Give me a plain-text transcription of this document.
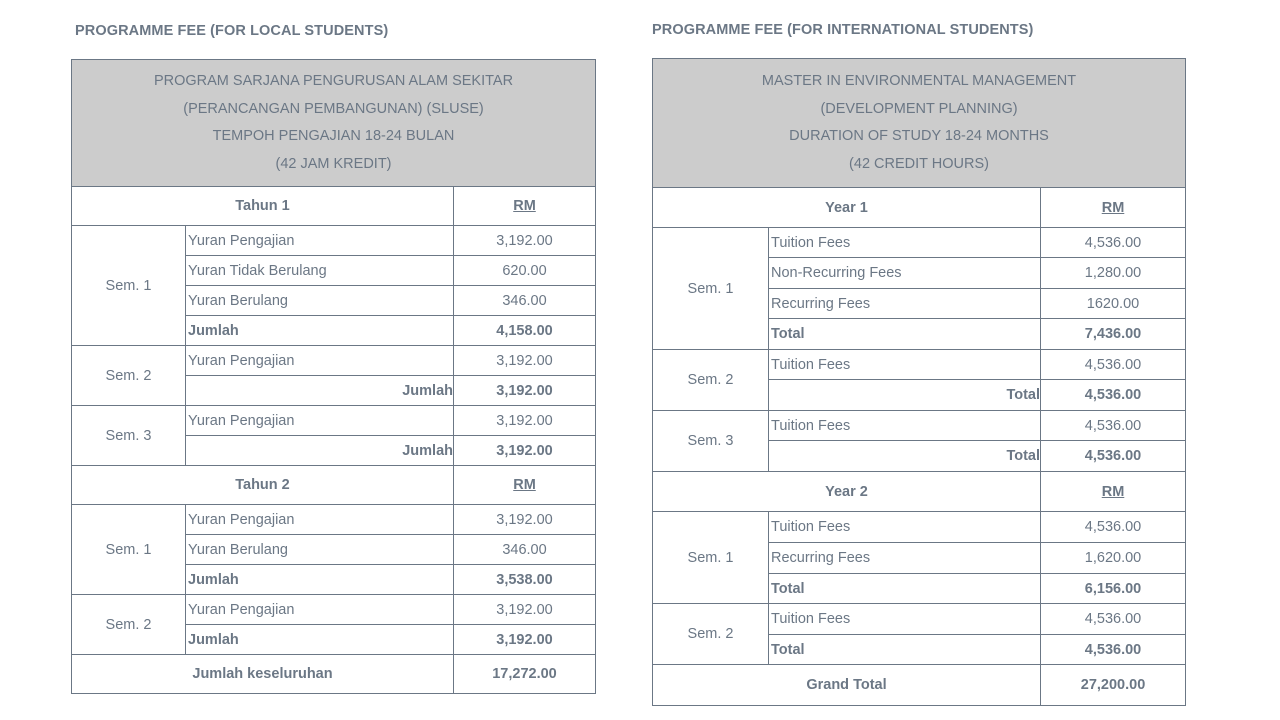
PROGRAMME FEE (FOR LOCAL STUDENTS)
PROGRAM SARJANA PENGURUSAN ALAM SEKITAR
(PERANCANGAN PEMBANGUNAN) (SLUSE)
TEMPOH PENGAJIAN 18-24 BULAN
(42 JAM KREDIT)		

Tahun 1		RM
Sem. 1	Yuran Pengajian	3,192.00
	Yuran Tidak Berulang	620.00
	Yuran Berulang	346.00
	Jumlah	4,158.00
Sem. 2	Yuran Pengajian	3,192.00
	Jumlah	3,192.00
Sem. 3	Yuran Pengajian	3,192.00
	Jumlah	3,192.00
Tahun 2		RM
Sem. 1	Yuran Pengajian	3,192.00
	Yuran Berulang	346.00
	Jumlah	3,538.00
Sem. 2	Yuran Pengajian	3,192.00
	Jumlah	3,192.00
Jumlah keseluruhan		17,272.00
PROGRAMME FEE (FOR INTERNATIONAL STUDENTS)
MASTER IN ENVIRONMENTAL MANAGEMENT
(DEVELOPMENT PLANNING)
DURATION OF STUDY 18-24 MONTHS
(42 CREDIT HOURS)		

Year 1		RM
Sem. 1	Tuition Fees	4,536.00
	Non-Recurring Fees	1,280.00
	Recurring Fees	1620.00
	Total	7,436.00
Sem. 2	Tuition Fees	4,536.00
	Total	4,536.00
Sem. 3	Tuition Fees	4,536.00
	Total	4,536.00
Year 2		RM
Sem. 1	Tuition Fees	4,536.00
	Recurring Fees	1,620.00
	Total	6,156.00
Sem. 2	Tuition Fees	4,536.00
	Total	4,536.00
Grand Total		27,200.00
